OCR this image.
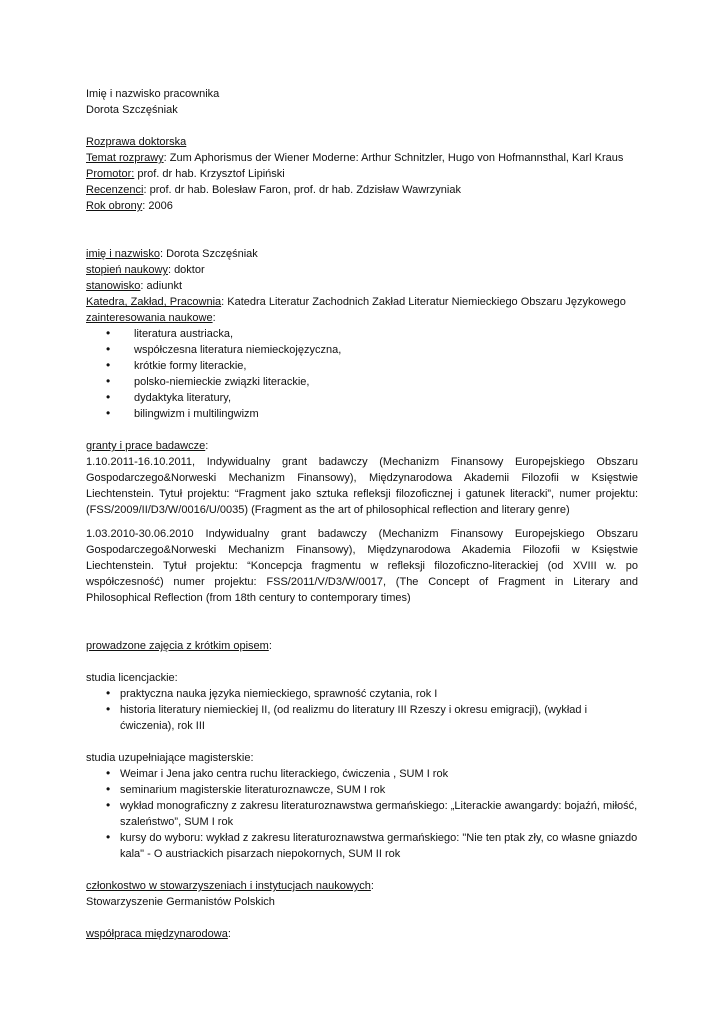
Imię i nazwisko pracownika
Dorota Szczęśniak
Rozprawa doktorska
Temat rozprawy: Zum Aphorismus der Wiener Moderne: Arthur Schnitzler, Hugo von Hofmannsthal, Karl Kraus
Promotor: prof. dr hab. Krzysztof Lipiński
Recenzenci: prof. dr hab. Bolesław Faron, prof. dr hab. Zdzisław Wawrzyniak
Rok obrony: 2006
imię i nazwisko: Dorota Szczęśniak
stopień naukowy: doktor
stanowisko: adiunkt
Katedra, Zakład, Pracownia: Katedra Literatur Zachodnich Zakład Literatur Niemieckiego Obszaru Językowego
zainteresowania naukowe:
• literatura austriacka,
• współczesna literatura niemieckojęzyczna,
• krótkie formy literackie,
• polsko-niemieckie związki literackie,
• dydaktyka literatury,
• bilingwizm i multilingwizm
granty i prace badawcze:
1.10.2011-16.10.2011, Indywidualny grant badawczy (Mechanizm Finansowy Europejskiego Obszaru Gospodarczego&Norweski Mechanizm Finansowy), Międzynarodowa Akademii Filozofii w Księstwie Liechtenstein. Tytuł projektu: “Fragment jako sztuka refleksji filozoficznej i gatunek literacki”, numer projektu: (FSS/2009/II/D3/W/0016/U/0035) (Fragment as the art of philosophical reflection and literary genre)
1.03.2010-30.06.2010 Indywidualny grant badawczy (Mechanizm Finansowy Europejskiego Obszaru Gospodarczego&Norweski Mechanizm Finansowy), Międzynarodowa Akademia Filozofii w Księstwie Liechtenstein. Tytuł projektu: “Koncepcja fragmentu w refleksji filozoficzno-literackiej (od XVIII w. po współczesność) numer projektu: FSS/2011/V/D3/W/0017, (The Concept of Fragment in Literary and Philosophical Reflection (from 18th century to contemporary times)
prowadzone zajęcia z krótkim opisem:
studia licencjackie:
• praktyczna nauka języka niemieckiego, sprawność czytania, rok I
• historia literatury niemieckiej II, (od realizmu do literatury III Rzeszy i okresu emigracji), (wykład i ćwiczenia), rok III
studia uzupełniające magisterskie:
• Weimar i Jena jako centra ruchu literackiego, ćwiczenia , SUM I rok
• seminarium magisterskie literaturoznawcze, SUM I rok
• wykład monograficzny z zakresu literaturoznawstwa germańskiego: „Literackie awangardy: bojaźń, miłość, szaleństwo”, SUM I rok
• kursy do wyboru: wykład z zakresu literaturoznawstwa germańskiego: "Nie ten ptak zły, co własne gniazdo kala" - O austriackich pisarzach niepokornych, SUM II rok
członkostwo w stowarzyszeniach i instytucjach naukowych:
Stowarzyszenie Germanistów Polskich
współpraca międzynarodowa:
